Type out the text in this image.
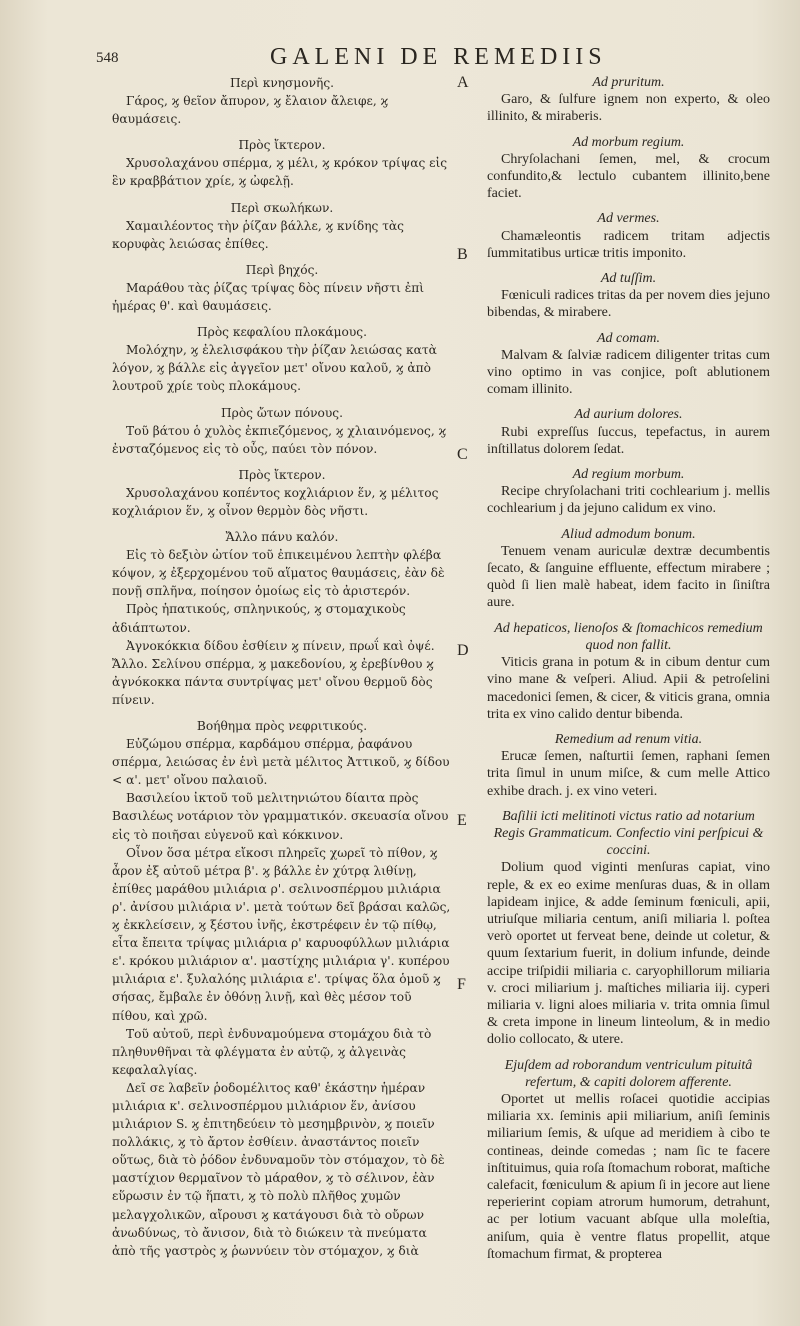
548	GALENI DE REMEDIIS
A
B
C
D
E
F

Περὶ κνησμονῆς.

Γάρος, ϗ θεῖον ἄπυρον, ϗ ἔλαιον ἄλειφε, ϗ θαυμάσεις.

Πρὸς ἴκτερον.

Χρυσολαχάνου σπέρμα, ϗ μέλι, ϗ κρόκον τρίψας εἰς ἓν κραββάτιον χρίε, ϗ ὠφελῇ.

Περὶ σκωλήκων.

Χαμαιλέοντος τὴν ῥίζαν βάλλε, ϗ κνίδης τὰς κορυφὰς λειώσας ἐπίθες.

Περὶ βηχός.

Μαράθου τὰς ῥίζας τρίψας δὸς πίνειν νῆστι ἐπὶ ἡμέρας θ'. καὶ θαυμάσεις.

Πρὸς κεφαλίου πλοκάμους.

Μολόχην, ϗ ἐλελισφάκου τὴν ῥίζαν λειώσας κατὰ λόγον, ϗ βάλλε εἰς ἀγγεῖον μετ' οἴνου καλοῦ, ϗ ἀπὸ λουτροῦ χρίε τοὺς πλοκάμους.

Πρὸς ὤτων πόνους.

Τοῦ βάτου ὁ χυλὸς ἐκπιεζόμενος, ϗ χλιαινόμενος, ϗ ἐνσταζόμενος εἰς τὸ οὖς, παύει τὸν πόνον.

Πρὸς ἴκτερον.

Χρυσολαχάνου κοπέντος κοχλιάριον ἕν, ϗ μέλιτος κοχλιάριον ἕν, ϗ οἶνον θερμὸν δὸς νῆστι.

Ἄλλο πάνυ καλόν.

Εἰς τὸ δεξιὸν ὠτίον τοῦ ἐπικειμένου λεπτὴν φλέβα κόψον, ϗ ἐξερχομένου τοῦ αἵματος θαυμάσεις, ἐὰν δὲ πονῇ σπλῆνα, ποίησον ὁμοίως εἰς τὸ ἀριστερόν.

Πρὸς ἡπατικούς, σπληνικούς, ϗ στομαχικοὺς ἀδιάπτωτον.

Ἀγνοκόκκια δίδου ἐσθίειν ϗ πίνειν, πρωΐ καὶ ὀψέ. Ἄλλο. Σελίνου σπέρμα, ϗ μακεδονίου, ϗ ἐρεβίνθου ϗ ἀγνόκοκκα πάντα συντρίψας μετ' οἴνου θερμοῦ δὸς πίνειν.

Βοήθημα πρὸς νεφριτικούς.

Εὐζώμου σπέρμα, καρδάμου σπέρμα, ῥαφάνου σπέρμα, λειώσας ἐν ἑνὶ μετὰ μέλιτος Ἀττικοῦ, ϗ δίδου < α'. μετ' οἴνου παλαιοῦ.

Βασιλείου ἰκτοῦ τοῦ μελιτηνιώτου δίαιτα πρὸς Βασιλέως νοτάριον τὸν γραμματικόν. σκευασία οἴνου εἰς τὸ ποιῆσαι εὐγενοῦ καὶ κόκκινον.

Οἶνον ὅσα μέτρα εἴκοσι πληρεῖς χωρεῖ τὸ πίθον, ϗ ἆρον ἐξ αὐτοῦ μέτρα β'. ϗ βάλλε ἐν χύτρᾳ λιθίνῃ, ἐπίθες μαράθου μιλιάρια ρ'. σελινοσπέρμου μιλιάρια ρ'. ἀνίσου μιλιάρια ν'. μετὰ τούτων δεῖ βράσαι καλῶς, ϗ ἐκκλείσειν, ϗ ξέστου ἰνῆς, ἐκστρέφειν ἐν τῷ πίθῳ, εἶτα ἔπειτα τρίψας μιλιάρια ρ' καρυοφύλλων μιλιάρια ε'. κρόκου μιλιάριον α'. μαστίχης μιλιάρια γ'. κυπέρου μιλιάρια ε'. ξυλαλόης μιλιάρια ε'. τρίψας ὅλα ὁμοῦ ϗ σήσας, ἔμβαλε ἐν ὀθόνῃ λινῇ, καὶ θὲς μέσον τοῦ πίθου, καὶ χρῶ.

Τοῦ αὐτοῦ, περὶ ἐνδυναμούμενα στομάχου διὰ τὸ πληθυνθῆναι τὰ φλέγματα ἐν αὐτῷ, ϗ ἀλγεινὰς κεφαλαλγίας.

Δεῖ σε λαβεῖν ῥοδομέλιτος καθ' ἑκάστην ἡμέραν μιλιάρια κ'. σελινοσπέρμου μιλιάριον ἕν, ἀνίσου μιλιάριον S. ϗ ἐπιτηδεύειν τὸ μεσημβρινὸν, ϗ ποιεῖν πολλάκις, ϗ τὸ ἄρτον ἐσθίειν. ἀναστάντος ποιεῖν οὕτως, διὰ τὸ ῥόδον ἐνδυναμοῦν τὸν στόμαχον, τὸ δὲ μαστίχιον θερμαῖνον τὸ μάραθον, ϗ τὸ σέλινον, ἐὰν εὕρωσιν ἐν τῷ ἥπατι, ϗ τὸ πολὺ πλῆθος χυμῶν μελαγχολικῶν, αἴρουσι ϗ κατάγουσι διὰ τὸ οὔρων ἀνωδύνως, τὸ ἄνισον, διὰ τὸ διώκειν τὰ πνεύματα ἀπὸ τῆς γαστρὸς ϗ ῥωννύειν τὸν στόμαχον, ϗ διὰ

Ad pruritum.

Garo, & ſulfure ignem non experto, & oleo illinito, & miraberis.

Ad morbum regium.

Chryſolachani ſemen, mel, & crocum confundito,& lectulo cubantem illinito,bene faciet.

Ad vermes.

Chamæleontis radicem tritam adjectis ſummitatibus urticæ tritis imponito.

Ad tuſſim.

Fœniculi radices tritas da per novem dies jejuno bibendas, & mirabere.

Ad comam.

Malvam & ſalviæ radicem diligenter tritas cum vino optimo in vas conjice, poſt ablutionem comam illinito.

Ad aurium dolores.

Rubi expreſſus ſuccus, tepefactus, in aurem inſtillatus dolorem ſedat.

Ad regium morbum.

Recipe chryſolachani triti cochlearium j. mellis cochlearium j da jejuno calidum ex vino.

Aliud admodum bonum.

Tenuem venam auriculæ dextræ decumbentis ſecato, & ſanguine effluente, effectum mirabere ; quòd ſi lien malè habeat, idem facito in ſiniſtra aure.

Ad hepaticos, lienoſos & ſtomachicos remedium quod non fallit.

Viticis grana in potum & in cibum dentur cum vino mane & veſperi. Aliud. Apii & petroſelini macedonici ſemen, & cicer, & viticis grana, omnia trita ex vino calido dentur bibenda.

Remedium ad renum vitia.

Erucæ ſemen, naſturtii ſemen, raphani ſemen trita ſimul in unum miſce, & cum melle Attico exhibe drach. j. ex vino veteri.

Baſilii icti melitinoti victus ratio ad notarium Regis Grammaticum. Confectio vini perſpicui & coccini.

Dolium quod viginti menſuras capiat, vino reple, & ex eo exime menſuras duas, & in ollam lapideam injice, & adde ſeminum fœniculi, apii, utriuſque miliaria centum, aniſi miliaria l. poſtea verò oportet ut ferveat bene, deinde ut coletur, & quum ſextarium fuerit, in dolium infunde, deinde accipe triſpidii miliaria c. caryophillorum miliaria v. croci miliarium j. maſtiches miliaria iij. cyperi miliaria v. ligni aloes miliaria v. trita omnia ſimul & creta impone in lineum linteolum, & in medio dolio collocato, & utere.

Ejuſdem ad roborandum ventriculum pituitâ refertum, & capiti dolorem afferente.

Oportet ut mellis roſacei quotidie accipias miliaria xx. ſeminis apii miliarium, aniſi ſeminis miliarium ſemis, & uſque ad meridiem à cibo te contineas, deinde comedas ; nam ſic te facere inſtituimus, quia roſa ſtomachum roborat, maſtiche calefacit, fœniculum & apium ſi in jecore aut liene reperierint copiam atrorum humorum, detrahunt, ac per lotium vacuant abſque ulla moleſtia, aniſum, quia è ventre flatus propellit, atque ſtomachum firmat, & propterea
